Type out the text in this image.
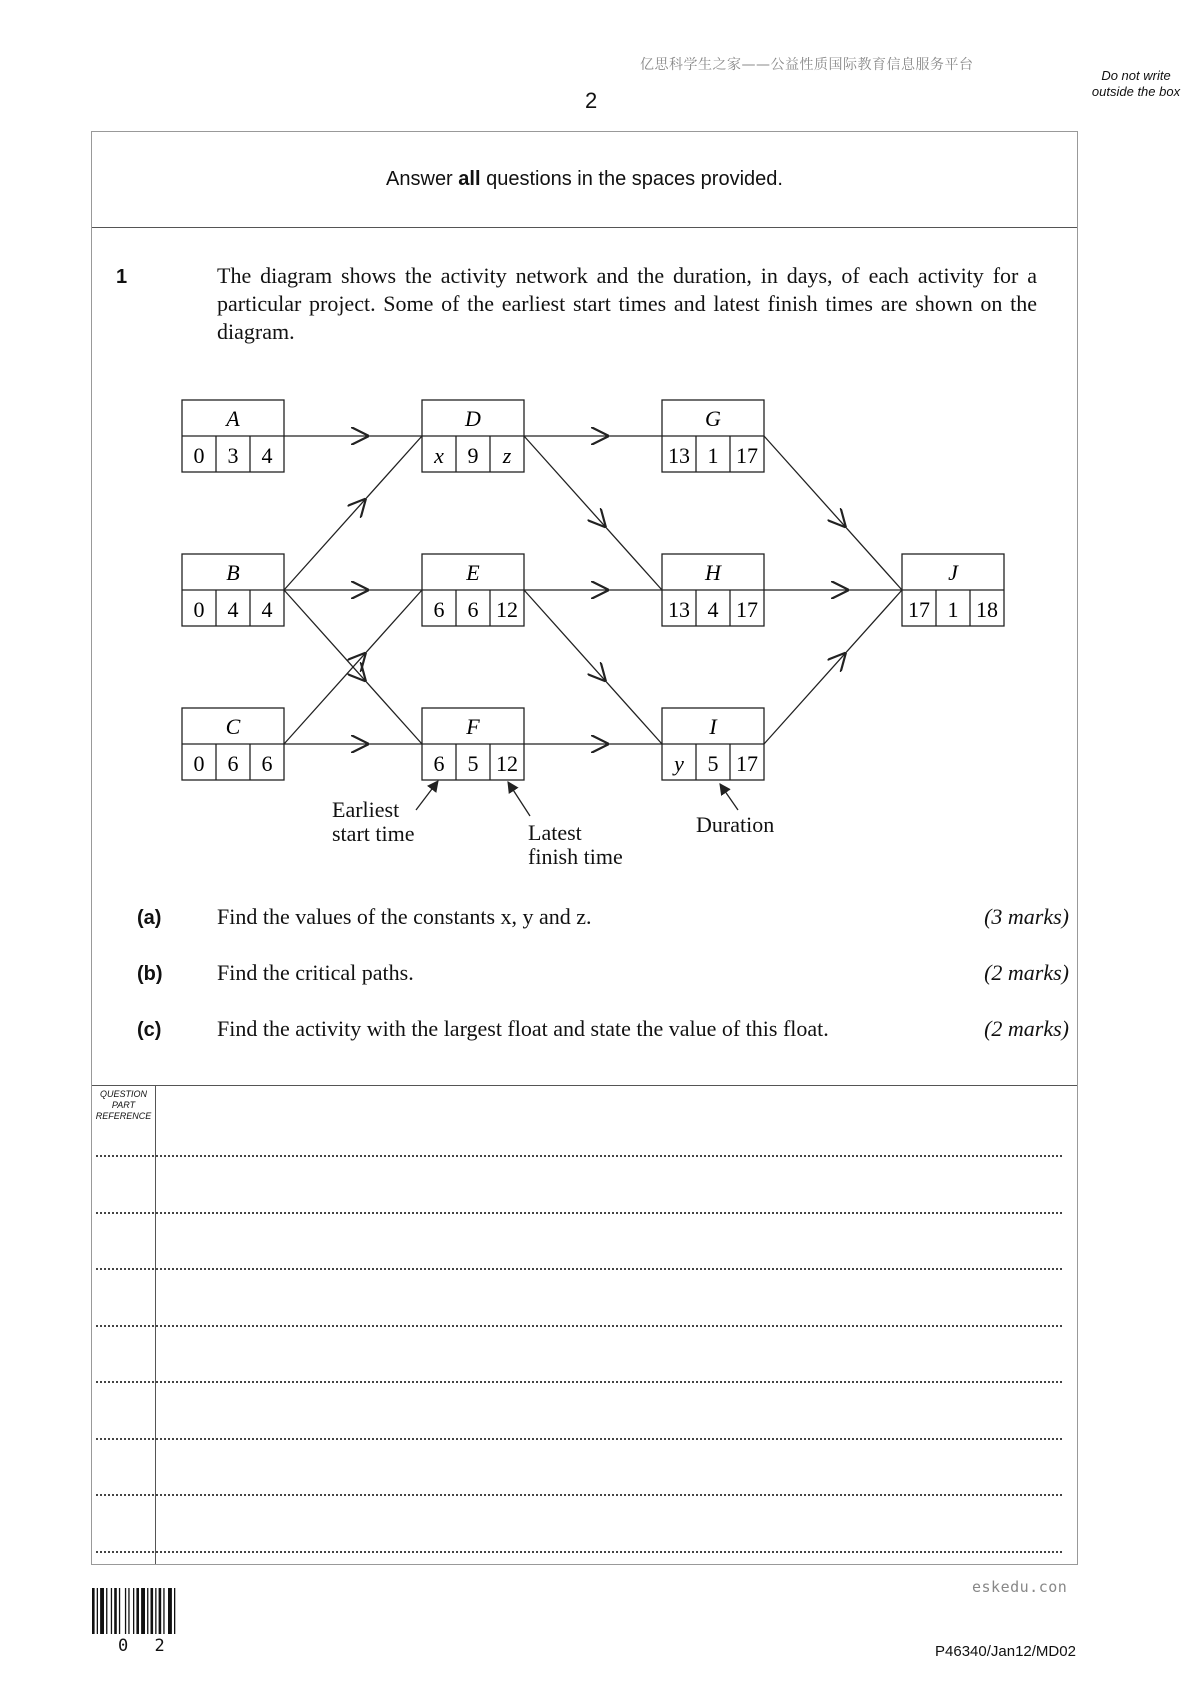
亿思科学生之家——公益性质国际教育信息服务平台
2
Do not write outside the box
Answer all questions in the spaces provided.
1	The diagram shows the activity network and the duration, in days, of each activity for a particular project. Some of the earliest start times and latest finish times are shown on the diagram.
A
0 3 4
B
0 4 4
C
0 6 6
D
x 9 z
E
6 6 12
F
6 5 12
G
13 1 17
H
13 4 17
I
y 5 17
J
17 1 18
Earliest
start time	Latest
finish time
Duration
(a)	Find the values of the constants x, y and z.	(3 marks)
(b) Find the critical paths.	(2 marks)
(c)	Find the activity with the largest float and state the value of this float.	(2 marks)
QUESTION
PART
REFERENCE
eskedu.con
0 2	P46340/Jan12/MD02
